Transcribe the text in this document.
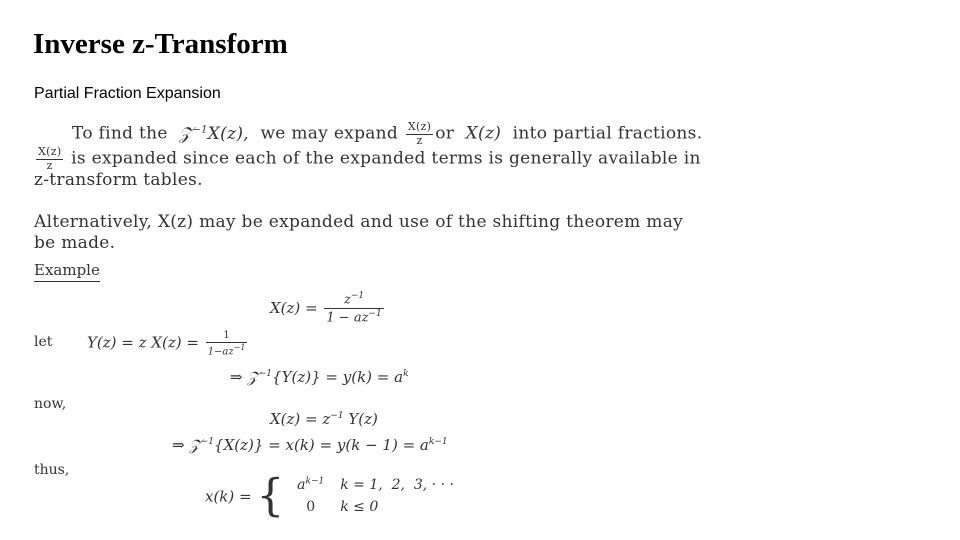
Inverse z-Transform
Partial Fraction Expansion
To find the  𝒵$^{-1}$X(z),  we may expand $\frac{X(z)}{z}$ or  X(z)  into partial fractions.
$\frac{X(z)}{z}$ is expanded since each of the expanded terms is generally available in
z-transform tables.
Alternatively, X(z) may be expanded and use of the shifting theorem may
be made.
Example
$X(z) = \frac{z^{-1}}{1 - az^{-1}}$
let Y(z) = z $X(z) = \frac{1}{1-az^{-1}}$
⇒ 𝒵$^{-1}${Y(z)} = $y(k) = a^k$
now,
$X(z) = z^{-1}$ Y(z)
⇒ 𝒵$^{-1}${X(z)} = $x(k) = y(k - 1) = a^{k-1}$
thus,
x(k) = { $a^{k-1}$	k = 1,  2,  3, · · ·
0	k ≤ 0
